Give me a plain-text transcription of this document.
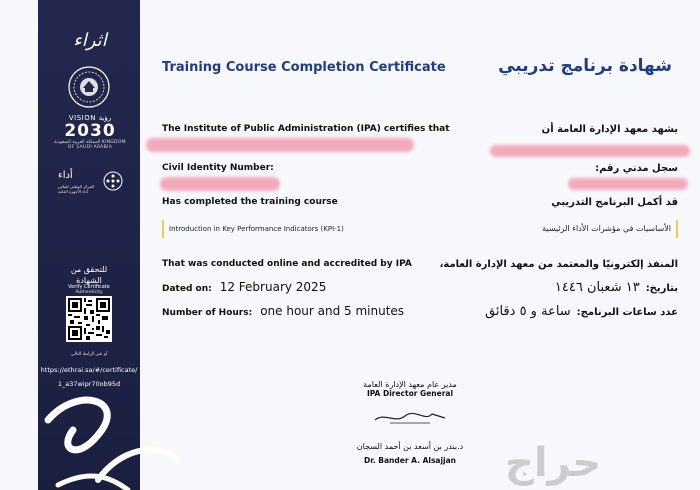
اثراء
VISION رؤية
2030
المملكة العربية السعودية KINGDOM OF SAUDI ARABIA
أداء
المركز الوطني لقياس أداء الأجهزة العامة
للتحقق من
الشهادة
Verify Certificate
Authenticity
أو عبر الرابط التالي
https://ethrai.sa/#/certificate/
1_a37wipr70ob95d
Training Course Completion Certificate	شهادة برنامج تدريبي
The Institute of Public Administration (IPA) certifies that	يشهد معهد الإدارة العامة أن
Civil Identity Number:	سجل مدني رقم:
Has completed the training course	قد أكمل البرنامج التدريبي
Introduction in Key Performance Indicators (KPI-1)	الأساسيات في مؤشرات الأداء الرئيسية
That was conducted online and accredited by IPA	المنفذ إلكترونيًا والمعتمد من معهد الإدارة العامة،
Dated on: 12 February 2025	بتاريخ:١٣ شعبان ١٤٤٦
Number of Hours: one hour and 5 minutes	عدد ساعات البرنامج:ساعة و ٥ دقائق
مدير عام معهد الإدارة العامة
IPA Director General
د.بندر بن أسعد بن أحمد السجان
Dr. Bander A. Alsajjan	حراج
